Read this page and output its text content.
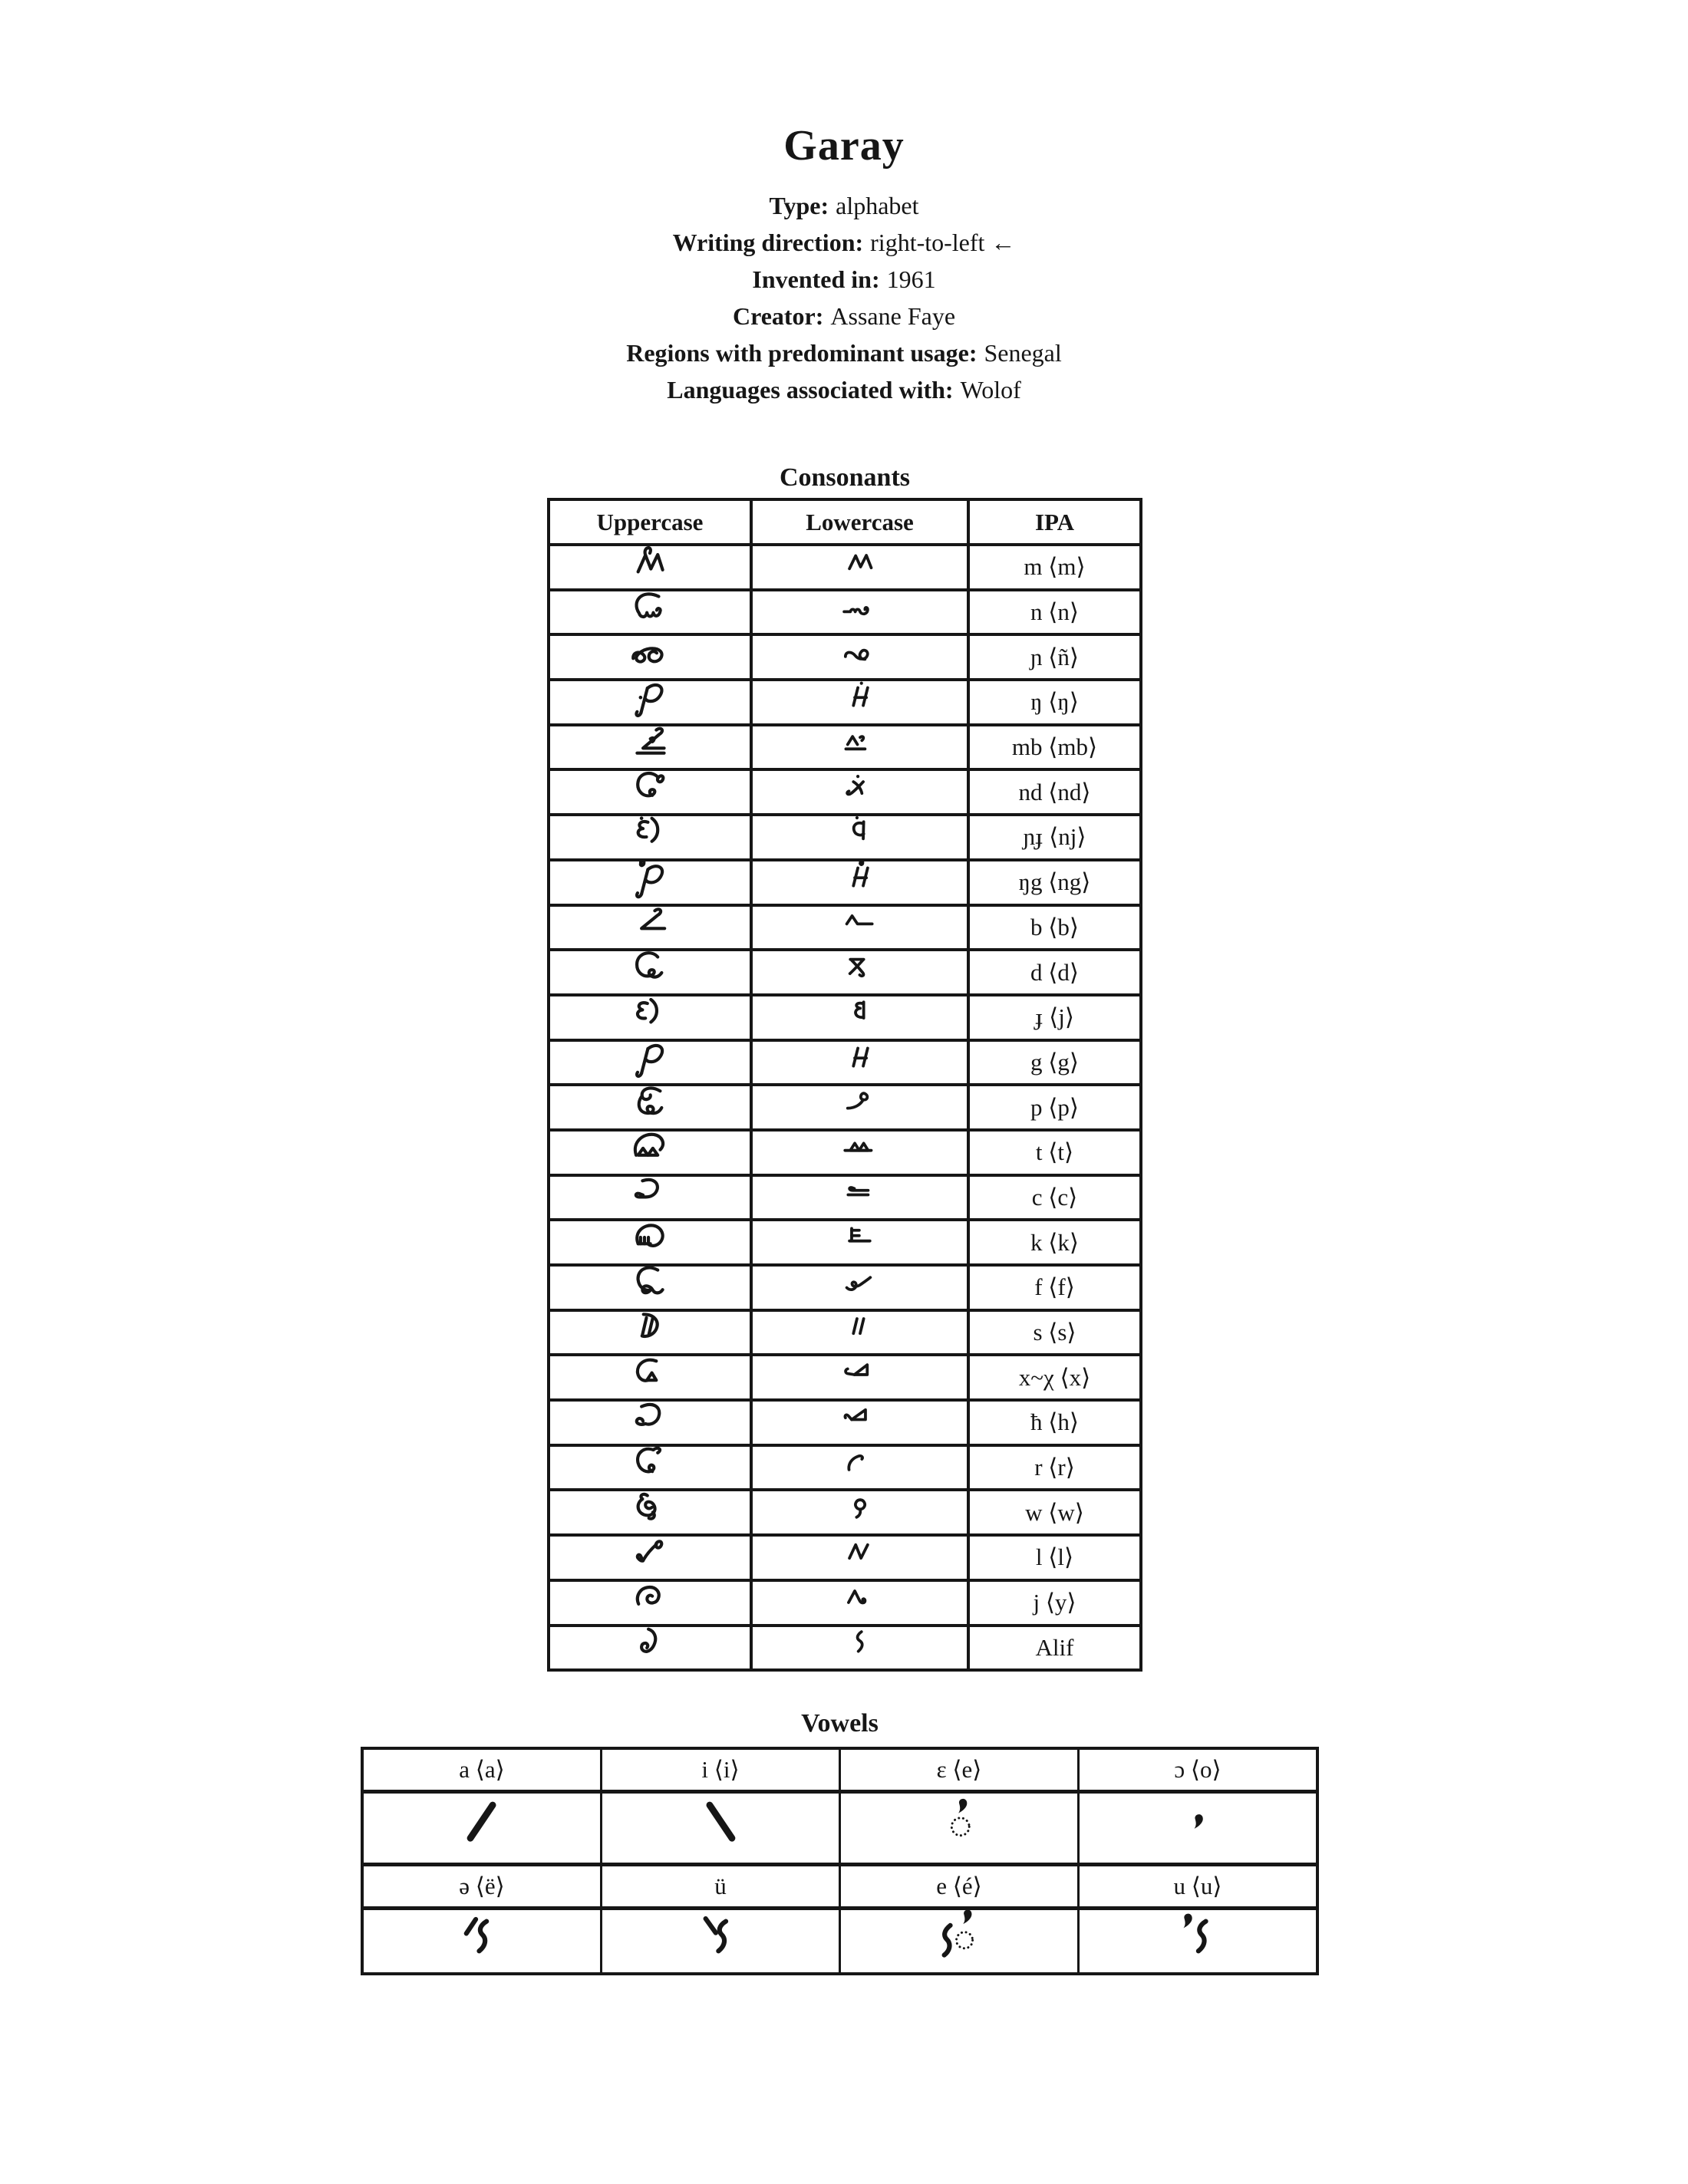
Garay
Type: alphabet
Writing direction: right-to-left ←
Invented in: 1961
Creator: Assane Faye
Regions with predominant usage: Senegal
Languages associated with: Wolof
Consonants
Uppercase	Lowercase	IPA
m ⟨m⟩
n ⟨n⟩
ɲ ⟨ñ⟩
ŋ ⟨ŋ⟩
mb ⟨mb⟩
nd ⟨nd⟩
ɲɟ ⟨nj⟩
ŋg ⟨ng⟩
b ⟨b⟩
d ⟨d⟩
ɟ ⟨j⟩
g ⟨g⟩
p ⟨p⟩
t ⟨t⟩
c ⟨c⟩
k ⟨k⟩
f ⟨f⟩
s ⟨s⟩
x~χ ⟨x⟩
ħ ⟨h⟩
r ⟨r⟩
w ⟨w⟩
l ⟨l⟩
j ⟨y⟩
Alif
Vowels
a ⟨a⟩	i ⟨i⟩	ɛ ⟨e⟩	ɔ ⟨o⟩
ə ⟨ë⟩	ü	e ⟨é⟩	u ⟨u⟩
